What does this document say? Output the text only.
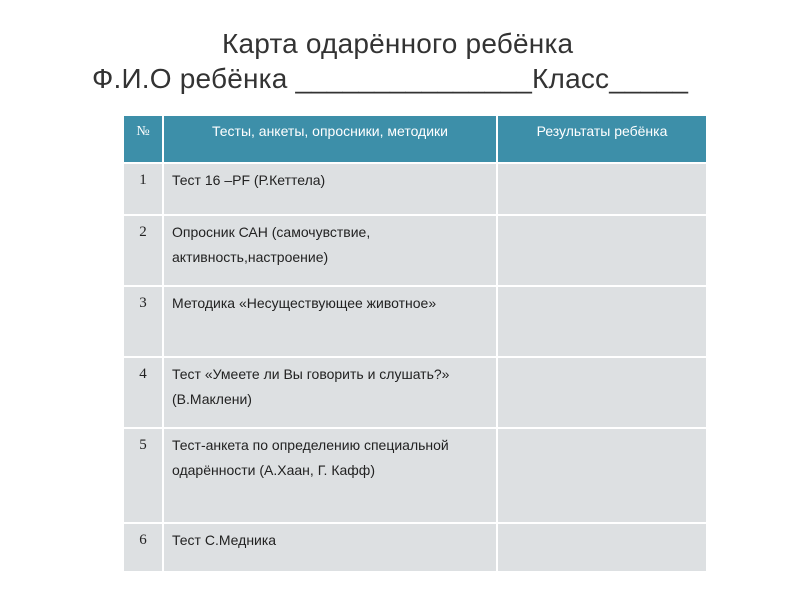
Карта одарённого ребёнка
Ф.И.О ребёнка _______________Класс_____
№	Тесты, анкеты, опросники, методики	Результаты ребёнка
1	Тест 16 –PF (Р.Кеттела)	
2	Опросник САН (самочувствие, активность,настроение)	
3	Методика «Несуществующее животное»	
4	Тест «Умеете ли Вы говорить и слушать?» (В.Маклени)	
5	Тест-анкета по определению специальной одарённости (А.Хаан, Г. Кафф)	
6	Тест С.Медника	
